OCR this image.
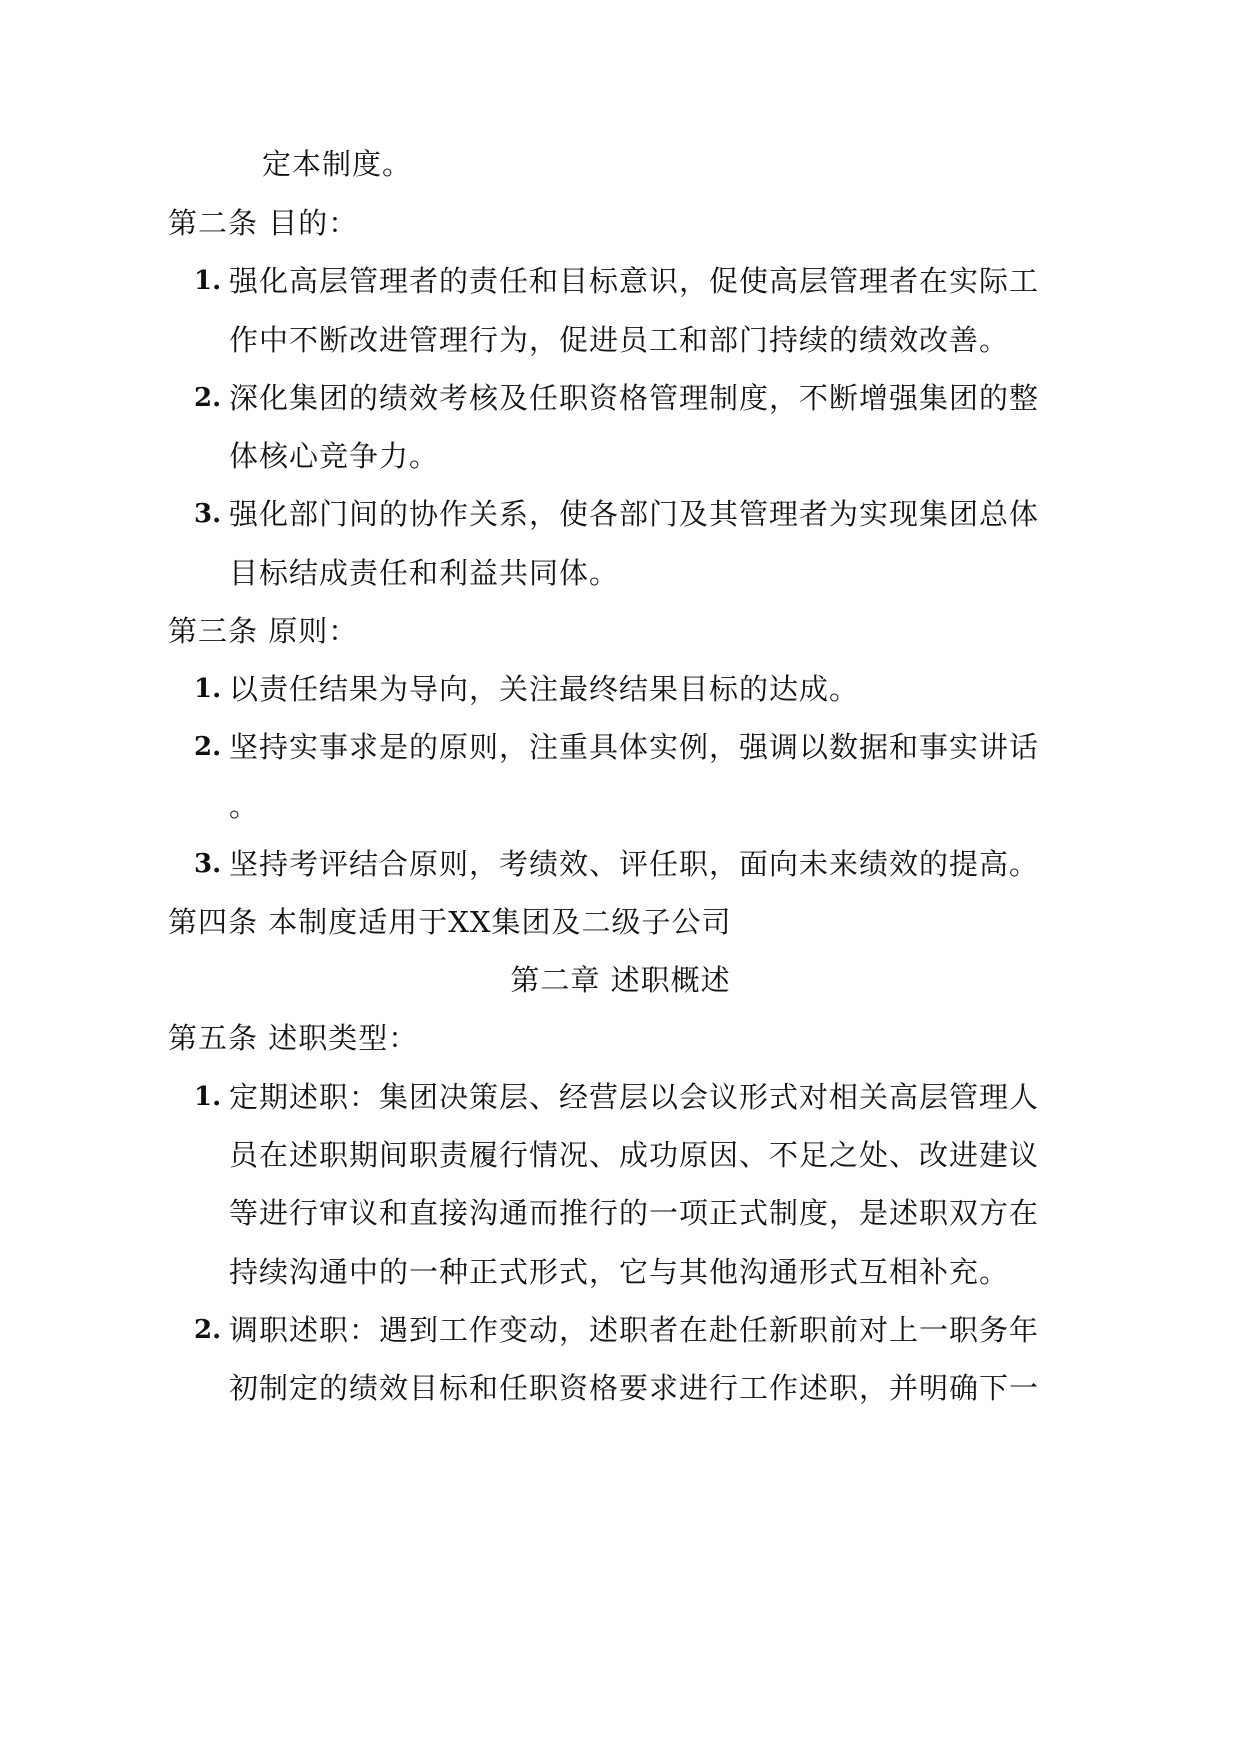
定本制度。
第二条 目的：
1. 强化高层管理者的责任和目标意识，促使高层管理者在实际工
作中不断改进管理行为，促进员工和部门持续的绩效改善。
2. 深化集团的绩效考核及任职资格管理制度，不断增强集团的整
体核心竞争力。
3. 强化部门间的协作关系，使各部门及其管理者为实现集团总体
目标结成责任和利益共同体。
第三条 原则：
1. 以责任结果为导向，关注最终结果目标的达成。
2. 坚持实事求是的原则，注重具体实例，强调以数据和事实讲话
。
3. 坚持考评结合原则，考绩效、评任职，面向未来绩效的提高。
第四条 本制度适用于XX集团及二级子公司
第二章 述职概述
第五条 述职类型：
1. 定期述职：集团决策层、经营层以会议形式对相关高层管理人
员在述职期间职责履行情况、成功原因、不足之处、改进建议
等进行审议和直接沟通而推行的一项正式制度，是述职双方在
持续沟通中的一种正式形式，它与其他沟通形式互相补充。
2. 调职述职：遇到工作变动，述职者在赴任新职前对上一职务年
初制定的绩效目标和任职资格要求进行工作述职，并明确下一
